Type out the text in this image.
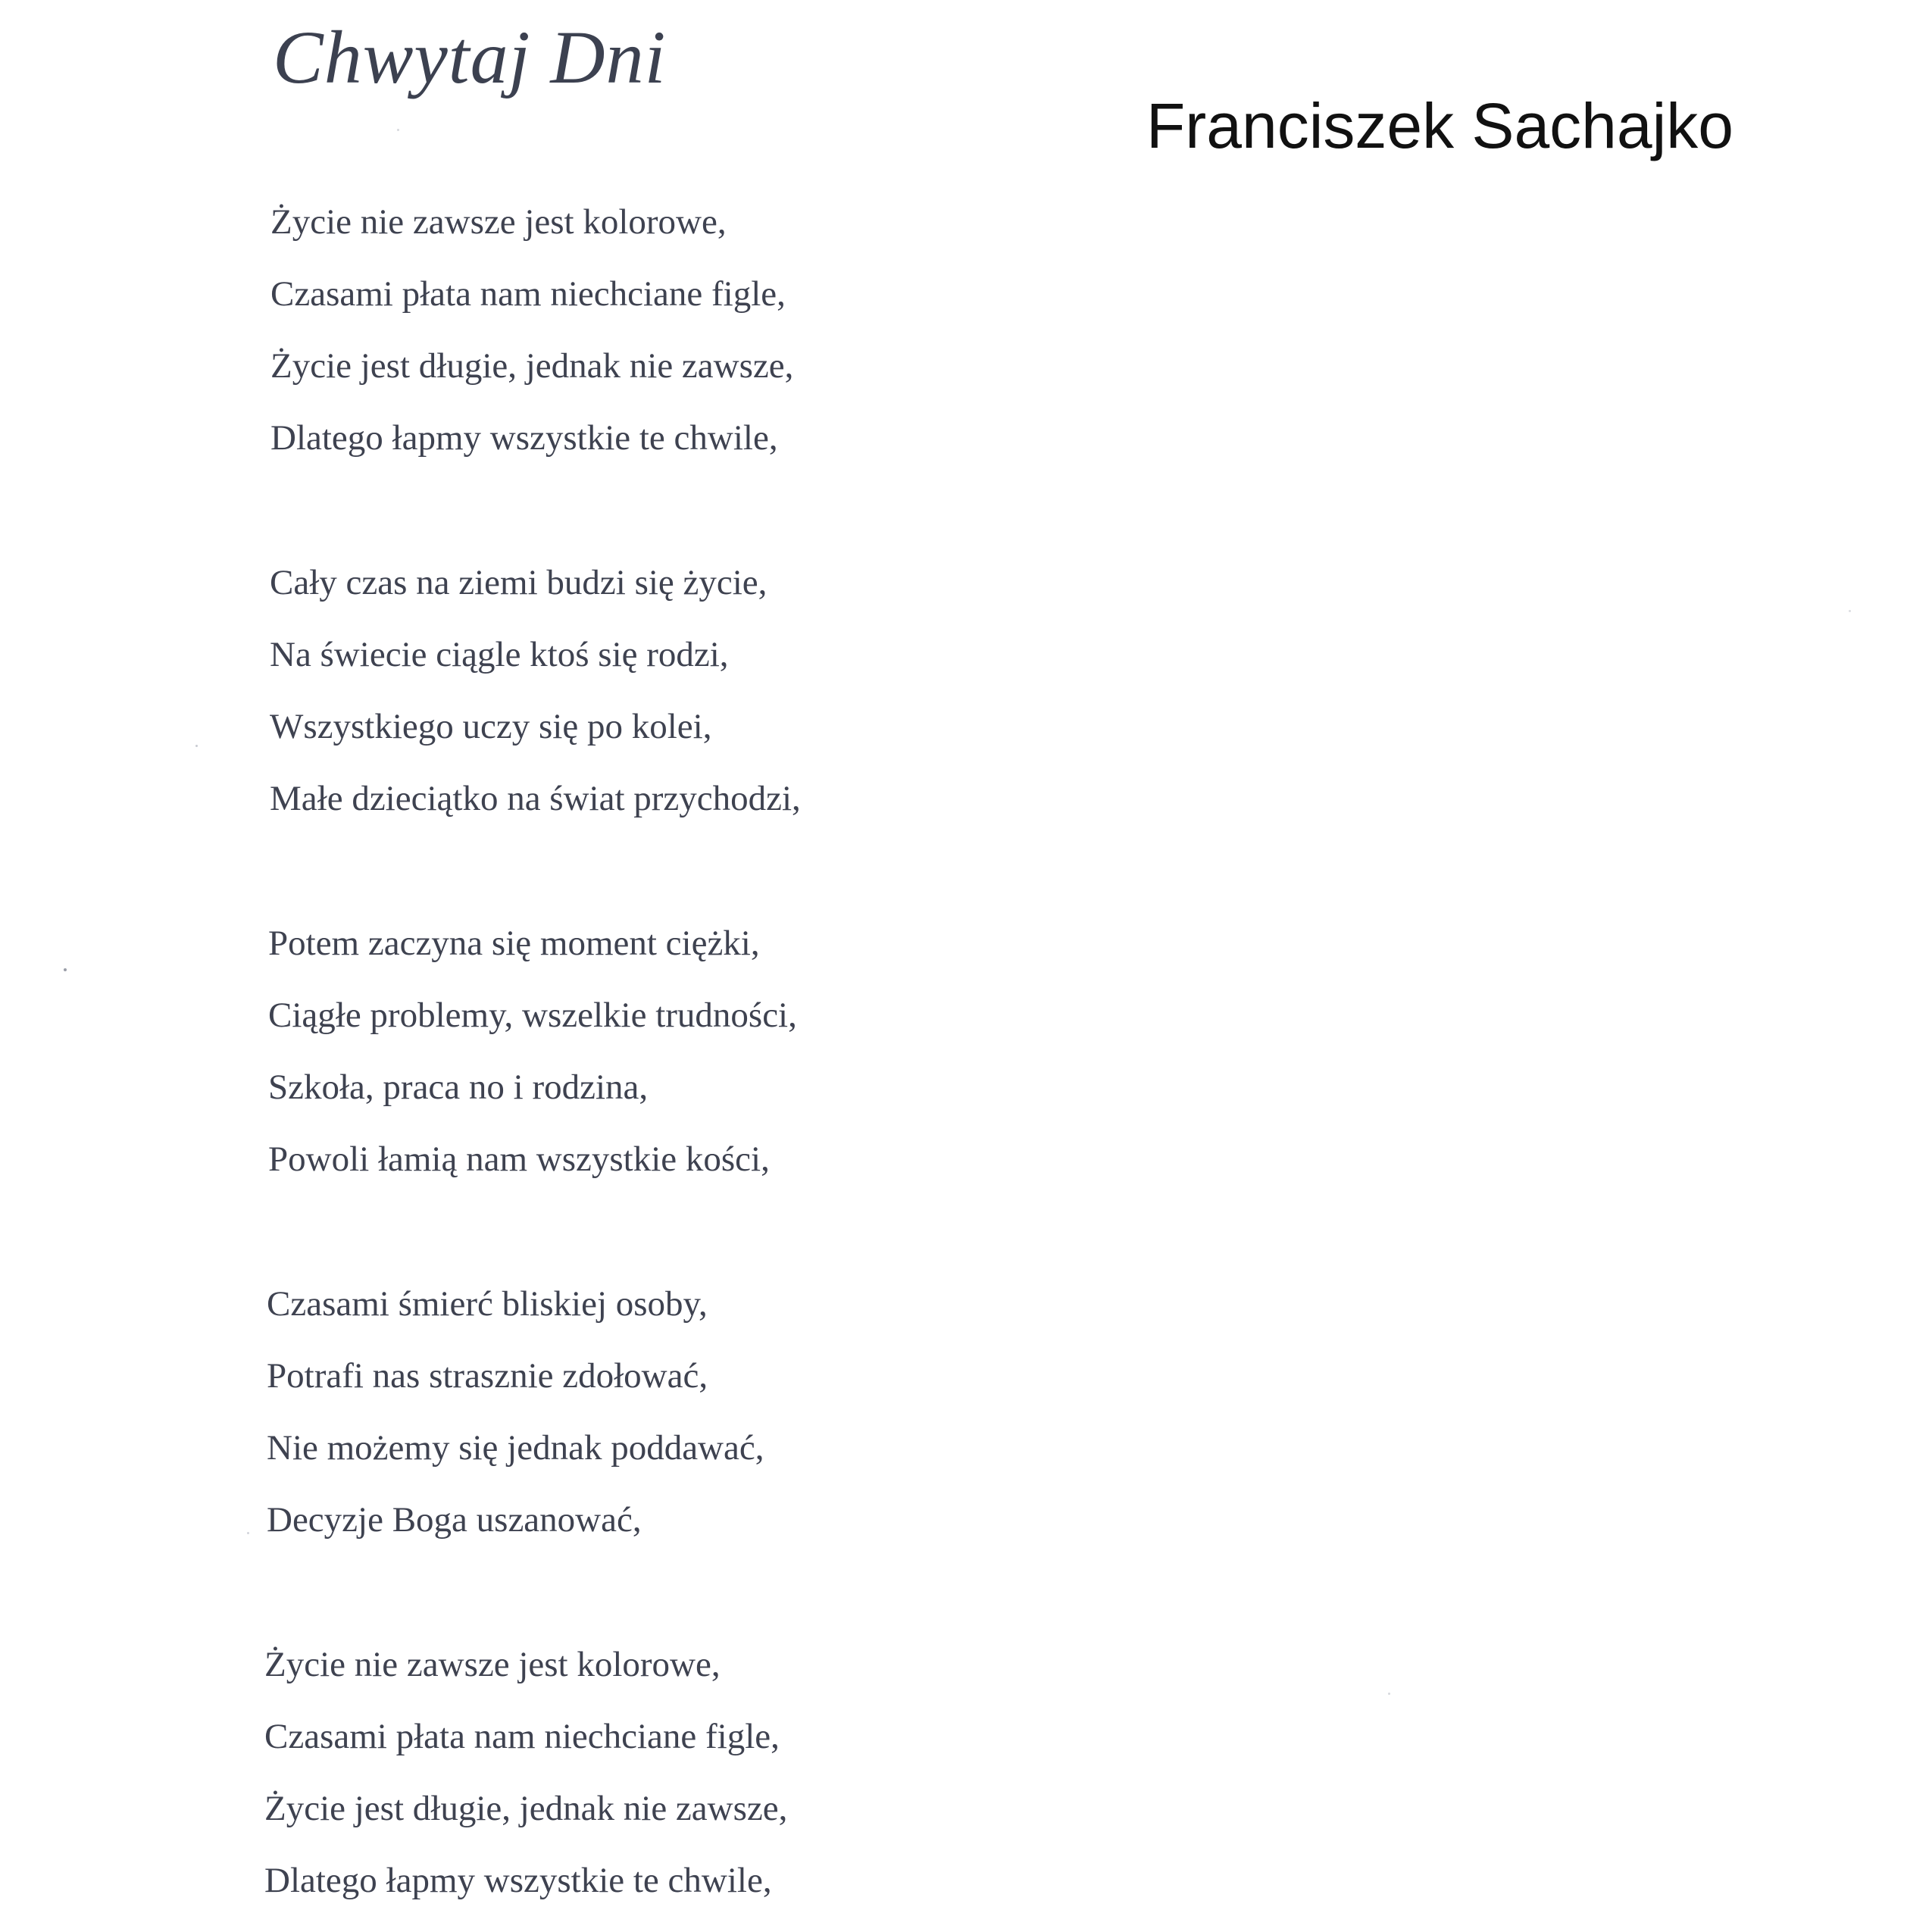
Chwytaj Dni
Franciszek Sachajko
Życie nie zawsze jest kolorowe,
Czasami płata nam niechciane figle,
Życie jest długie, jednak nie zawsze,
Dlatego łapmy wszystkie te chwile,
Cały czas na ziemi budzi się życie,
Na świecie ciągle ktoś się rodzi,
Wszystkiego uczy się po kolei,
Małe dzieciątko na świat przychodzi,
Potem zaczyna się moment ciężki,
Ciągłe problemy, wszelkie trudności,
Szkoła, praca no i rodzina,
Powoli łamią nam wszystkie kości,
Czasami śmierć bliskiej osoby,
Potrafi nas strasznie zdołować,
Nie możemy się jednak poddawać,
Decyzje Boga uszanować,
Życie nie zawsze jest kolorowe,
Czasami płata nam niechciane figle,
Życie jest długie, jednak nie zawsze,
Dlatego łapmy wszystkie te chwile,
